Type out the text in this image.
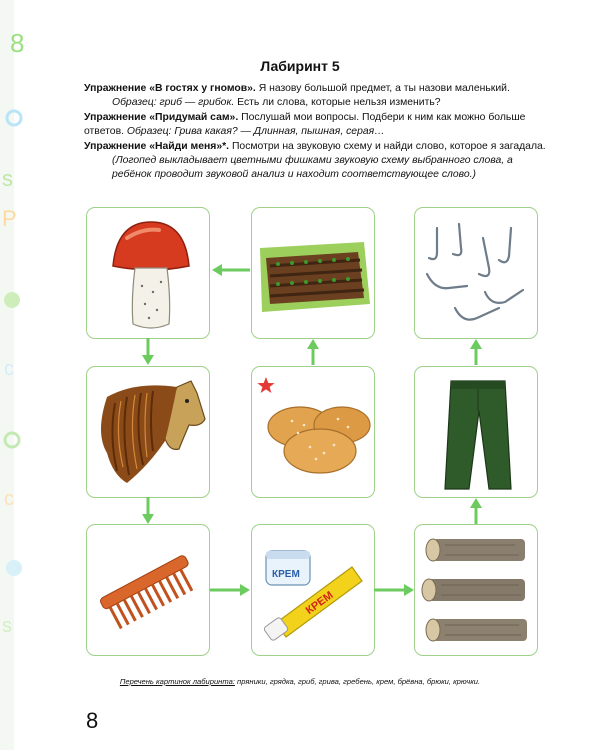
8
s
P
c
c
s
Лабиринт 5
Упражнение «В гостях у гномов». Я назову большой предмет, а ты назови маленький.
Образец: гриб — грибок. Есть ли слова, которые нельзя изменить?
Упражнение «Придумай сам». Послушай мои вопросы. Подбери к ним как можно больше ответов. Образец: Грива какая? — Длинная, пышная, серая…
Упражнение «Найди меня»*. Посмотри на звуковую схему и найди слово, которое я загадала.
(Логопед выкладывает цветными фишками звуковую схему выбранного слова, а ребёнок проводит звуковой анализ и находит соответствующее слово.)
КРЕМ
КРЕМ
Перечень картинок лабиринта: пряники, грядка, гриб, грива, гребень, крем, брёвна, брюки, крючки.
8
